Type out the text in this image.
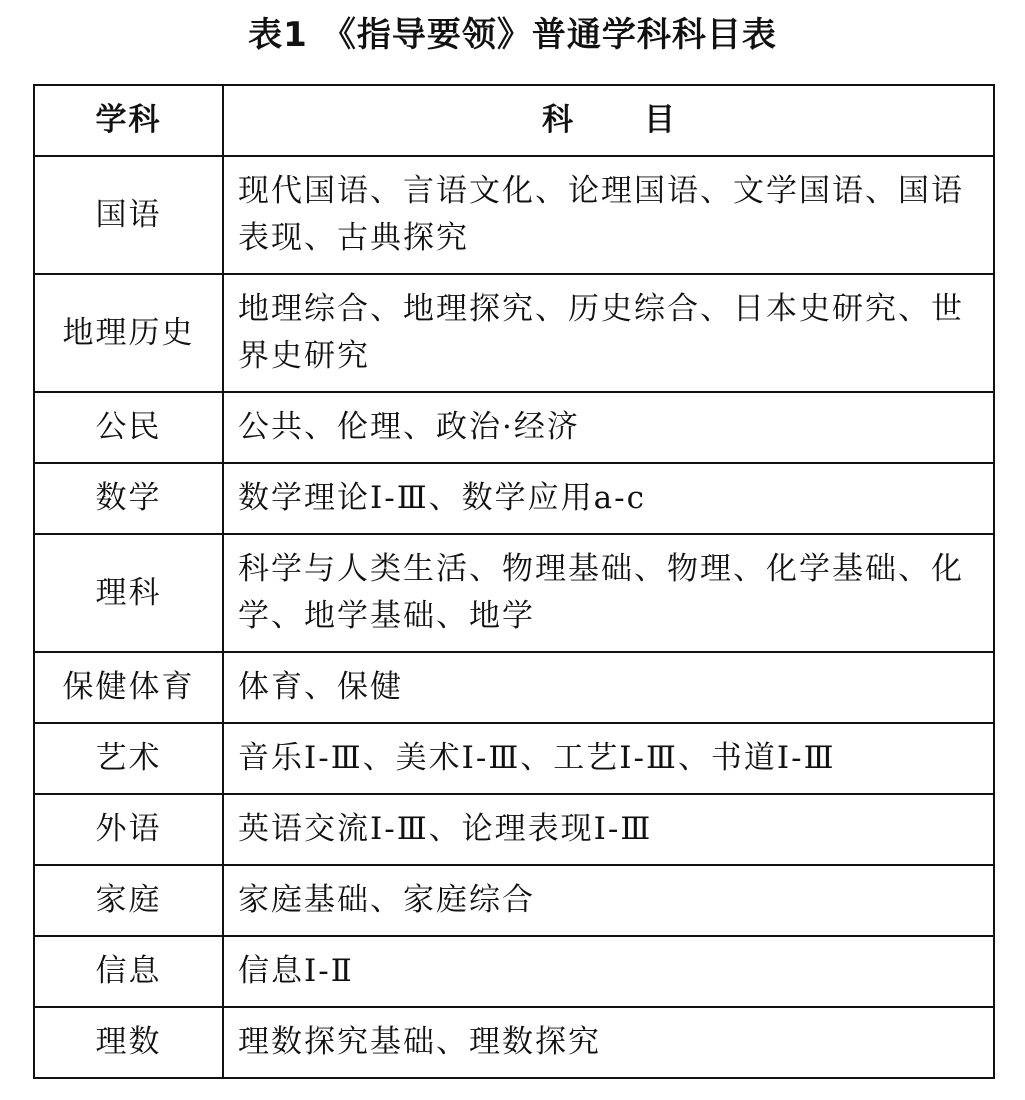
表1 《指导要领》普通学科科目表
学科	科　目
国语	现代国语、言语文化、论理国语、文学国语、国语表现、古典探究
地理历史	地理综合、地理探究、历史综合、日本史研究、世界史研究
公民	公共、伦理、政治·经济
数学	数学理论Ⅰ-Ⅲ、数学应用a-c
理科	科学与人类生活、物理基础、物理、化学基础、化学、地学基础、地学
保健体育	体育、保健
艺术	音乐Ⅰ-Ⅲ、美术Ⅰ-Ⅲ、工艺Ⅰ-Ⅲ、书道Ⅰ-Ⅲ
外语	英语交流Ⅰ-Ⅲ、论理表现Ⅰ-Ⅲ
家庭	家庭基础、家庭综合
信息	信息Ⅰ-Ⅱ
理数	理数探究基础、理数探究
